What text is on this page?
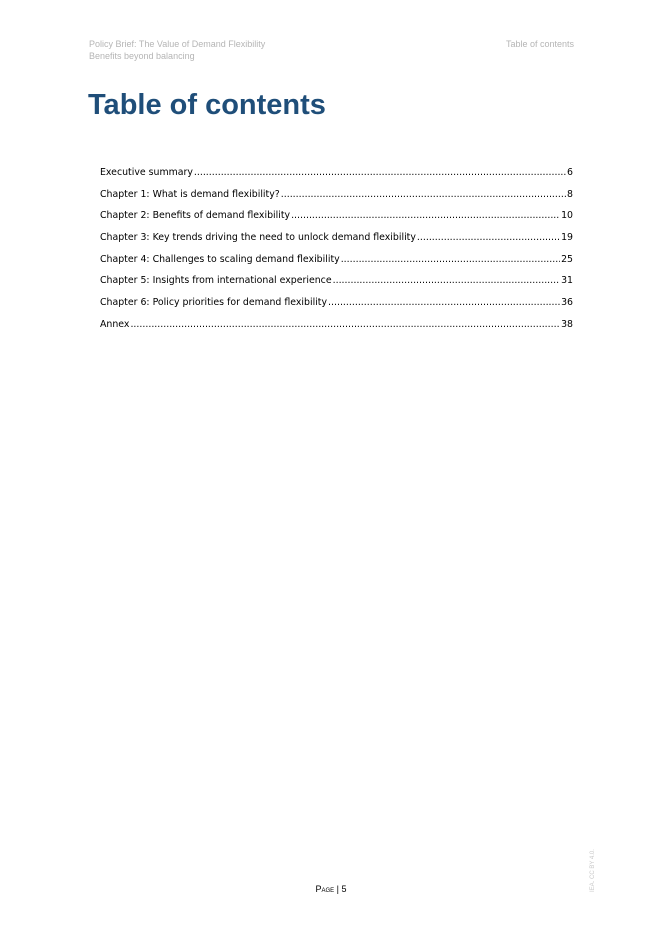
Policy Brief: The Value of Demand Flexibility
Benefits beyond balancing
Table of contents
Table of contents
Executive summary .....	6
Chapter 1: What is demand flexibility? .....	8
Chapter 2: Benefits of demand flexibility .....	10
Chapter 3: Key trends driving the need to unlock demand flexibility .....	19
Chapter 4: Challenges to scaling demand flexibility .....	25
Chapter 5: Insights from international experience .....	31
Chapter 6: Policy priorities for demand flexibility .....	36
Annex .....	38
IEA. CC BY 4.0.
Page | 5
